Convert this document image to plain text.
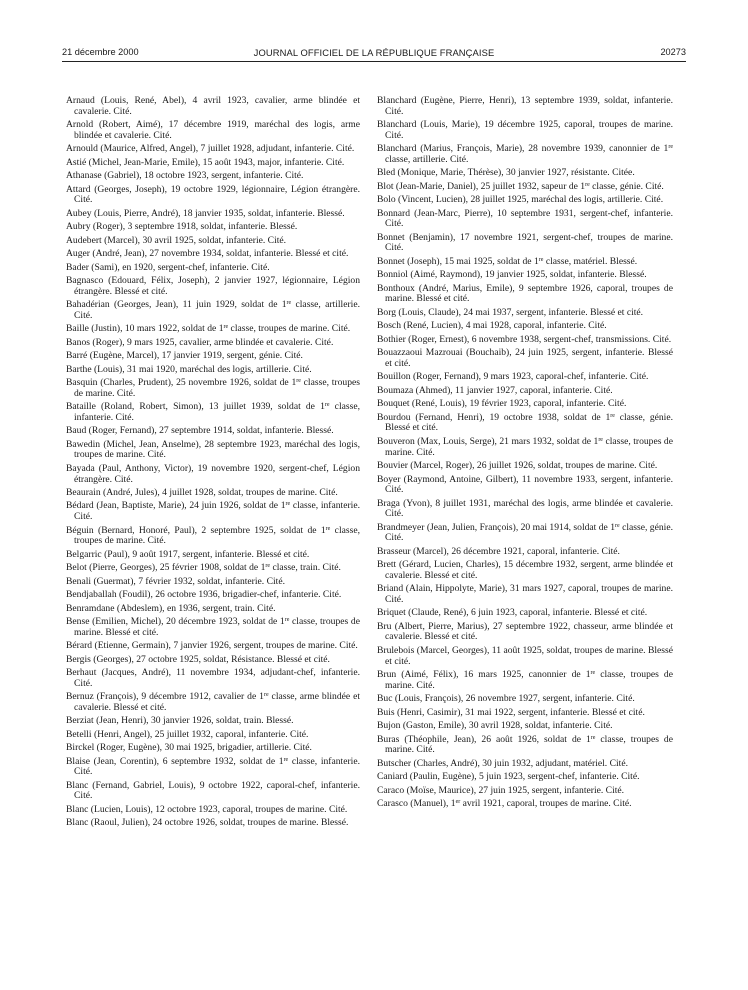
21 décembre 2000	JOURNAL OFFICIEL DE LA RÉPUBLIQUE FRANÇAISE	20273

Arnaud (Louis, René, Abel), 4 avril 1923, cavalier, arme blindée et cavalerie. Cité.

Arnold (Robert, Aimé), 17 décembre 1919, maréchal des logis, arme blindée et cavalerie. Cité.

Arnould (Maurice, Alfred, Angel), 7 juillet 1928, adjudant, infanterie. Cité.

Astié (Michel, Jean-Marie, Emile), 15 août 1943, major, infanterie. Cité.

Athanase (Gabriel), 18 octobre 1923, sergent, infanterie. Cité.

Attard (Georges, Joseph), 19 octobre 1929, légionnaire, Légion étrangère. Cité.

Aubey (Louis, Pierre, André), 18 janvier 1935, soldat, infanterie. Blessé.

Aubry (Roger), 3 septembre 1918, soldat, infanterie. Blessé.

Audebert (Marcel), 30 avril 1925, soldat, infanterie. Cité.

Auger (André, Jean), 27 novembre 1934, soldat, infanterie. Blessé et cité.

Bader (Sami), en 1920, sergent-chef, infanterie. Cité.

Bagnasco (Edouard, Félix, Joseph), 2 janvier 1927, légionnaire, Légion étrangère. Blessé et cité.

Bahadérian (Georges, Jean), 11 juin 1929, soldat de 1re classe, artillerie. Cité.

Baille (Justin), 10 mars 1922, soldat de 1re classe, troupes de marine. Cité.

Banos (Roger), 9 mars 1925, cavalier, arme blindée et cavalerie. Cité.

Barré (Eugène, Marcel), 17 janvier 1919, sergent, génie. Cité.

Barthe (Louis), 31 mai 1920, maréchal des logis, artillerie. Cité.

Basquin (Charles, Prudent), 25 novembre 1926, soldat de 1re classe, troupes de marine. Cité.

Bataille (Roland, Robert, Simon), 13 juillet 1939, soldat de 1re classe, infanterie. Cité.

Baud (Roger, Fernand), 27 septembre 1914, soldat, infanterie. Blessé.

Bawedin (Michel, Jean, Anselme), 28 septembre 1923, maréchal des logis, troupes de marine. Cité.

Bayada (Paul, Anthony, Victor), 19 novembre 1920, sergent-chef, Légion étrangère. Cité.

Beaurain (André, Jules), 4 juillet 1928, soldat, troupes de marine. Cité.

Bédard (Jean, Baptiste, Marie), 24 juin 1926, soldat de 1re classe, infanterie. Cité.

Béguin (Bernard, Honoré, Paul), 2 septembre 1925, soldat de 1re classe, troupes de marine. Cité.

Belgarric (Paul), 9 août 1917, sergent, infanterie. Blessé et cité.

Belot (Pierre, Georges), 25 février 1908, soldat de 1re classe, train. Cité.

Benali (Guermat), 7 février 1932, soldat, infanterie. Cité.

Bendjaballah (Foudil), 26 octobre 1936, brigadier-chef, infanterie. Cité.

Benramdane (Abdeslem), en 1936, sergent, train. Cité.

Bense (Emilien, Michel), 20 décembre 1923, soldat de 1re classe, troupes de marine. Blessé et cité.

Bérard (Etienne, Germain), 7 janvier 1926, sergent, troupes de marine. Cité.

Bergis (Georges), 27 octobre 1925, soldat, Résistance. Blessé et cité.

Berhaut (Jacques, André), 11 novembre 1934, adjudant-chef, infanterie. Cité.

Bernuz (François), 9 décembre 1912, cavalier de 1re classe, arme blindée et cavalerie. Blessé et cité.

Berziat (Jean, Henri), 30 janvier 1926, soldat, train. Blessé.

Betelli (Henri, Angel), 25 juillet 1932, caporal, infanterie. Cité.

Birckel (Roger, Eugène), 30 mai 1925, brigadier, artillerie. Cité.

Blaise (Jean, Corentin), 6 septembre 1932, soldat de 1re classe, infanterie. Cité.

Blanc (Fernand, Gabriel, Louis), 9 octobre 1922, caporal-chef, infanterie. Cité.

Blanc (Lucien, Louis), 12 octobre 1923, caporal, troupes de marine. Cité.

Blanc (Raoul, Julien), 24 octobre 1926, soldat, troupes de marine. Blessé.

Blanchard (Eugène, Pierre, Henri), 13 septembre 1939, soldat, infanterie. Cité.

Blanchard (Louis, Marie), 19 décembre 1925, caporal, troupes de marine. Cité.

Blanchard (Marius, François, Marie), 28 novembre 1939, canonnier de 1re classe, artillerie. Cité.

Bled (Monique, Marie, Thérèse), 30 janvier 1927, résistante. Citée.

Blot (Jean-Marie, Daniel), 25 juillet 1932, sapeur de 1re classe, génie. Cité.

Bolo (Vincent, Lucien), 28 juillet 1925, maréchal des logis, artillerie. Cité.

Bonnard (Jean-Marc, Pierre), 10 septembre 1931, sergent-chef, infanterie. Cité.

Bonnet (Benjamin), 17 novembre 1921, sergent-chef, troupes de marine. Cité.

Bonnet (Joseph), 15 mai 1925, soldat de 1re classe, matériel. Blessé.

Bonniol (Aimé, Raymond), 19 janvier 1925, soldat, infanterie. Blessé.

Bonthoux (André, Marius, Emile), 9 septembre 1926, caporal, troupes de marine. Blessé et cité.

Borg (Louis, Claude), 24 mai 1937, sergent, infanterie. Blessé et cité.

Bosch (René, Lucien), 4 mai 1928, caporal, infanterie. Cité.

Bothier (Roger, Ernest), 6 novembre 1938, sergent-chef, transmissions. Cité.

Bouazzaoui Mazrouai (Bouchaib), 24 juin 1925, sergent, infanterie. Blessé et cité.

Bouillon (Roger, Fernand), 9 mars 1923, caporal-chef, infanterie. Cité.

Boumaza (Ahmed), 11 janvier 1927, caporal, infanterie. Cité.

Bouquet (René, Louis), 19 février 1923, caporal, infanterie. Cité.

Bourdou (Fernand, Henri), 19 octobre 1938, soldat de 1re classe, génie. Blessé et cité.

Bouveron (Max, Louis, Serge), 21 mars 1932, soldat de 1re classe, troupes de marine. Cité.

Bouvier (Marcel, Roger), 26 juillet 1926, soldat, troupes de marine. Cité.

Boyer (Raymond, Antoine, Gilbert), 11 novembre 1933, sergent, infanterie. Cité.

Braga (Yvon), 8 juillet 1931, maréchal des logis, arme blindée et cavalerie. Cité.

Brandmeyer (Jean, Julien, François), 20 mai 1914, soldat de 1re classe, génie. Cité.

Brasseur (Marcel), 26 décembre 1921, caporal, infanterie. Cité.

Brett (Gérard, Lucien, Charles), 15 décembre 1932, sergent, arme blindée et cavalerie. Blessé et cité.

Briand (Alain, Hippolyte, Marie), 31 mars 1927, caporal, troupes de marine. Cité.

Briquet (Claude, René), 6 juin 1923, caporal, infanterie. Blessé et cité.

Bru (Albert, Pierre, Marius), 27 septembre 1922, chasseur, arme blindée et cavalerie. Blessé et cité.

Brulebois (Marcel, Georges), 11 août 1925, soldat, troupes de marine. Blessé et cité.

Brun (Aimé, Félix), 16 mars 1925, canonnier de 1re classe, troupes de marine. Cité.

Buc (Louis, François), 26 novembre 1927, sergent, infanterie. Cité.

Buis (Henri, Casimir), 31 mai 1922, sergent, infanterie. Blessé et cité.

Bujon (Gaston, Emile), 30 avril 1928, soldat, infanterie. Cité.

Buras (Théophile, Jean), 26 août 1926, soldat de 1re classe, troupes de marine. Cité.

Butscher (Charles, André), 30 juin 1932, adjudant, matériel. Cité.

Caniard (Paulin, Eugène), 5 juin 1923, sergent-chef, infanterie. Cité.

Caraco (Moïse, Maurice), 27 juin 1925, sergent, infanterie. Cité.

Carasco (Manuel), 1er avril 1921, caporal, troupes de marine. Cité.
